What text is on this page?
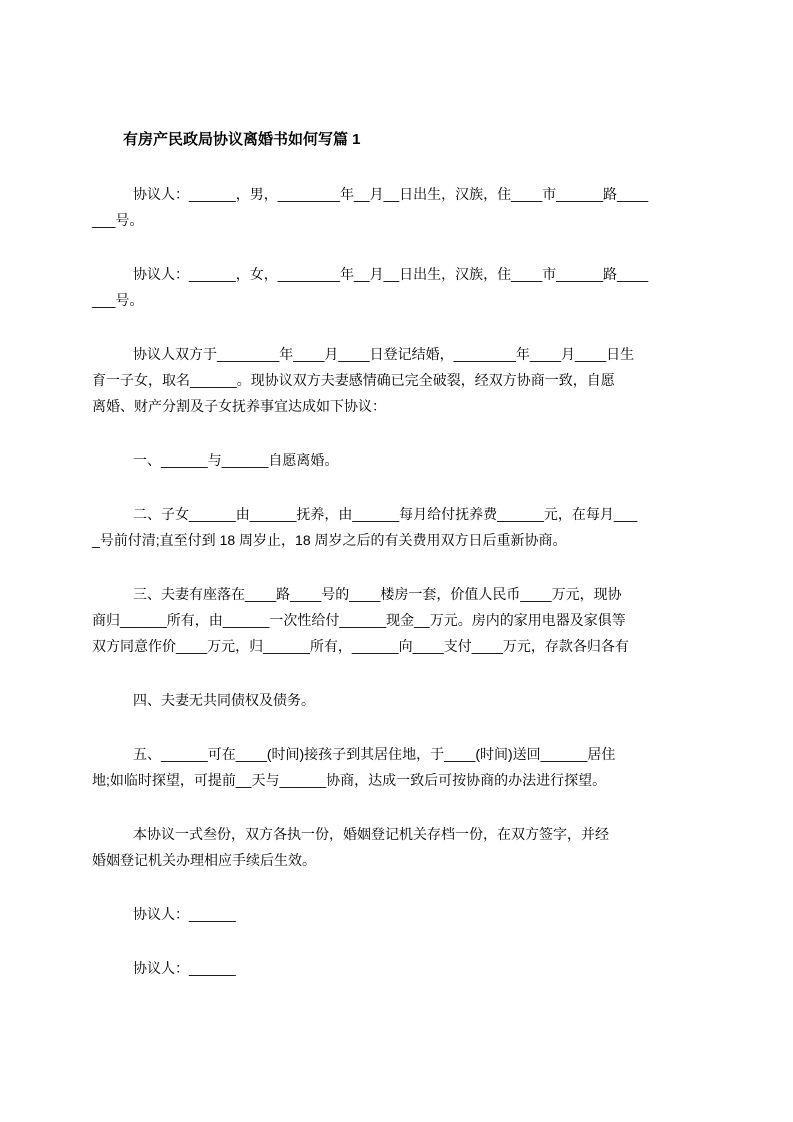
有房产民政局协议离婚书如何写篇 1

协议人：______，男，________年__月__日出生，汉族，住____市______路____
___号。

协议人：______，女，________年__月__日出生，汉族，住____市______路____
___号。

协议人双方于________年____月____日登记结婚，________年____月____日生
育一子女，取名______。现协议双方夫妻感情确已完全破裂，经双方协商一致，自愿
离婚、财产分割及子女抚养事宜达成如下协议：

一、______与______自愿离婚。

二、子女______由______抚养，由______每月给付抚养费______元，在每月___
_号前付清;直至付到 18 周岁止，18 周岁之后的有关费用双方日后重新协商。

三、夫妻有座落在____路____号的____楼房一套，价值人民币____万元，现协
商归______所有，由______一次性给付______现金__万元。房内的家用电器及家俱等
双方同意作价____万元，归______所有，______向____支付____万元，存款各归各有

四、夫妻无共同债权及债务。

五、______可在____(时间)接孩子到其居住地，于____(时间)送回______居住
地;如临时探望，可提前__天与______协商，达成一致后可按协商的办法进行探望。

本协议一式叁份，双方各执一份，婚姻登记机关存档一份，在双方签字，并经
婚姻登记机关办理相应手续后生效。

协议人：______

协议人：______
